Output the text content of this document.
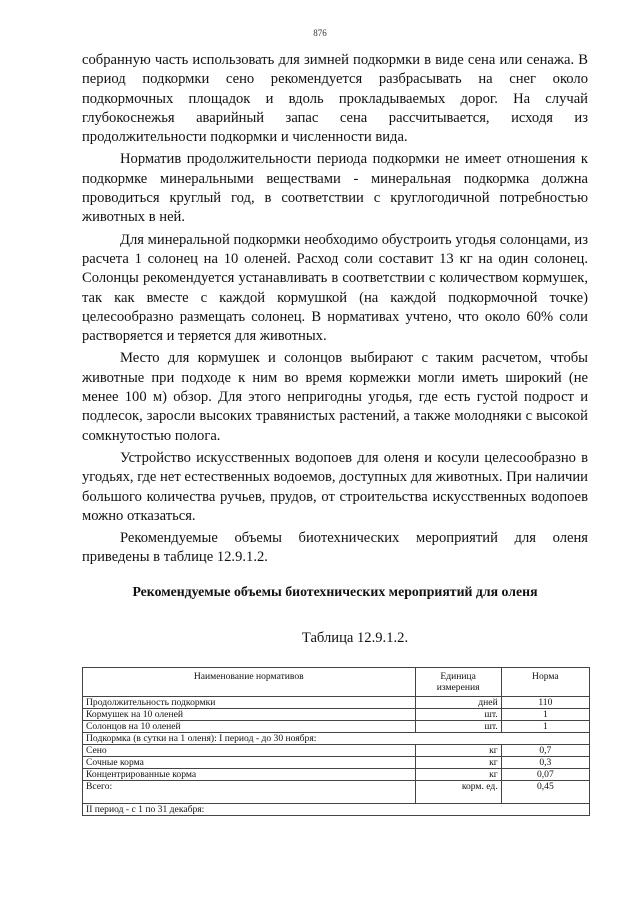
876

собранную часть использовать для зимней подкормки в виде сена или сенажа. В период подкормки сено рекомендуется разбрасывать на снег около подкормочных площадок и вдоль прокладываемых дорог. На случай глубокоснежья аварийный запас сена рассчитывается, исходя из продолжительности подкормки и численности вида.

Норматив продолжительности периода подкормки не имеет отношения к подкормке минеральными веществами - минеральная подкормка должна проводиться круглый год, в соответствии с круглогодичной потребностью животных в ней.

Для минеральной подкормки необходимо обустроить угодья солонцами, из расчета 1 солонец на 10 оленей. Расход соли составит 13 кг на один солонец. Солонцы рекомендуется устанавливать в соответствии с количеством кормушек, так как вместе с каждой кормушкой (на каждой подкормочной точке) целесообразно размещать солонец. В нормативах учтено, что около 60% соли растворяется и теряется для животных.

Место для кормушек и солонцов выбирают с таким расчетом, чтобы животные при подходе к ним во время кормежки могли иметь широкий (не менее 100 м) обзор. Для этого непригодны угодья, где есть густой подрост и подлесок, заросли высоких травянистых растений, а также молодняки с высокой сомкнутостью полога.

Устройство искусственных водопоев для оленя и косули целесообразно в угодьях, где нет естественных водоемов, доступных для животных. При наличии большого количества ручьев, прудов, от строительства искусственных водопоев можно отказаться.

Рекомендуемые объемы биотехнических мероприятий для оленя приведены в таблице 12.9.1.2.

Рекомендуемые объемы биотехнических мероприятий для оленя
Таблица 12.9.1.2.
Наименование нормативов	Единица измерения	Норма
Продолжительность подкормки	дней	110
Кормушек на 10 оленей	шт.	1
Солонцов на 10 оленей	шт.	1
Подкормка (в сутки на 1 оленя): I период - до 30 ноября:		
Сено	кг	0,7
Сочные корма	кг	0,3
Концентрированные корма	кг	0,07
Всего:	корм. ед.	0,45
II период - с 1 по 31 декабря:		
